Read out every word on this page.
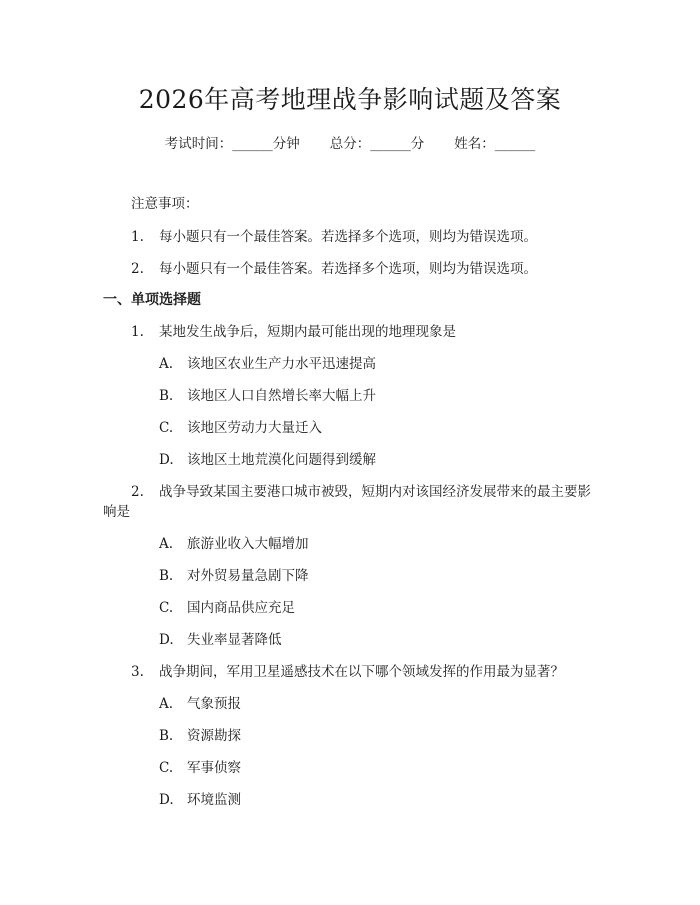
2026年高考地理战争影响试题及答案
考试时间：______分钟 总分：______分 姓名：______
注意事项：
1. 每小题只有一个最佳答案。若选择多个选项，则均为错误选项。
2. 每小题只有一个最佳答案。若选择多个选项，则均为错误选项。
一、单项选择题
1. 某地发生战争后，短期内最可能出现的地理现象是
A. 该地区农业生产力水平迅速提高
B. 该地区人口自然增长率大幅上升
C. 该地区劳动力大量迁入
D. 该地区土地荒漠化问题得到缓解
2. 战争导致某国主要港口城市被毁，短期内对该国经济发展带来的最主要影
响是
A. 旅游业收入大幅增加
B. 对外贸易量急剧下降
C. 国内商品供应充足
D. 失业率显著降低
3. 战争期间，军用卫星遥感技术在以下哪个领域发挥的作用最为显著？
A. 气象预报
B. 资源勘探
C. 军事侦察
D. 环境监测
